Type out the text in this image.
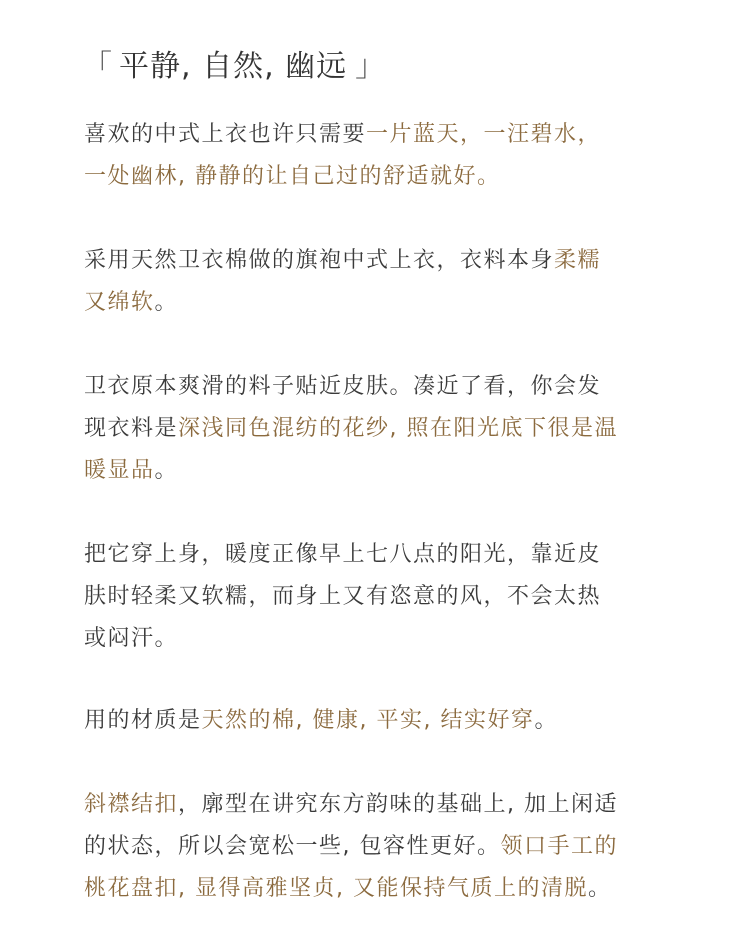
「 平静, 自然, 幽远 」

喜欢的中式上衣也许只需要一片蓝天，一汪碧水，
一处幽林, 静静的让自己过的舒适就好。

采用天然卫衣棉做的旗袍中式上衣，衣料本身柔糯
又绵软。

卫衣原本爽滑的料子贴近皮肤。凑近了看，你会发
现衣料是深浅同色混纺的花纱, 照在阳光底下很是温
暖显品。

把它穿上身，暖度正像早上七八点的阳光，靠近皮
肤时轻柔又软糯，而身上又有恣意的风，不会太热
或闷汗。

用的材质是天然的棉, 健康, 平实, 结实好穿。

斜襟结扣，廓型在讲究东方韵味的基础上, 加上闲适
的状态，所以会宽松一些, 包容性更好。领口手工的
桃花盘扣, 显得高雅坚贞, 又能保持气质上的清脱。
